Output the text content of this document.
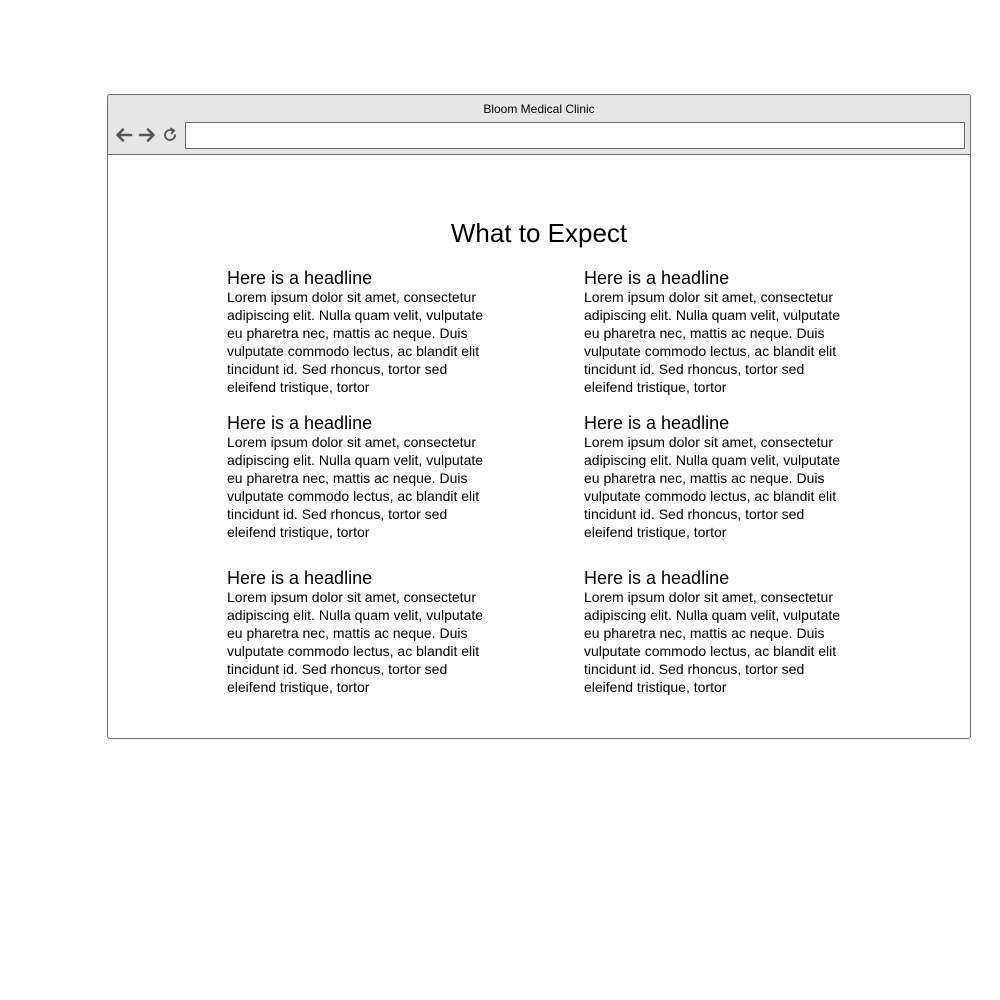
Bloom Medical Clinic
What to Expect
Here is a headline

Lorem ipsum dolor sit amet, consectetur adipiscing elit. Nulla quam velit, vulputate eu pharetra nec, mattis ac neque. Duis vulputate commodo lectus, ac blandit elit tincidunt id. Sed rhoncus, tortor sed eleifend tristique, tortor

Here is a headline

Lorem ipsum dolor sit amet, consectetur adipiscing elit. Nulla quam velit, vulputate eu pharetra nec, mattis ac neque. Duis vulputate commodo lectus, ac blandit elit tincidunt id. Sed rhoncus, tortor sed eleifend tristique, tortor

Here is a headline

Lorem ipsum dolor sit amet, consectetur adipiscing elit. Nulla quam velit, vulputate eu pharetra nec, mattis ac neque. Duis vulputate commodo lectus, ac blandit elit tincidunt id. Sed rhoncus, tortor sed eleifend tristique, tortor

Here is a headline

Lorem ipsum dolor sit amet, consectetur adipiscing elit. Nulla quam velit, vulputate eu pharetra nec, mattis ac neque. Duis vulputate commodo lectus, ac blandit elit tincidunt id. Sed rhoncus, tortor sed eleifend tristique, tortor

Here is a headline

Lorem ipsum dolor sit amet, consectetur adipiscing elit. Nulla quam velit, vulputate eu pharetra nec, mattis ac neque. Duis vulputate commodo lectus, ac blandit elit tincidunt id. Sed rhoncus, tortor sed eleifend tristique, tortor

Here is a headline

Lorem ipsum dolor sit amet, consectetur adipiscing elit. Nulla quam velit, vulputate eu pharetra nec, mattis ac neque. Duis vulputate commodo lectus, ac blandit elit tincidunt id. Sed rhoncus, tortor sed eleifend tristique, tortor
